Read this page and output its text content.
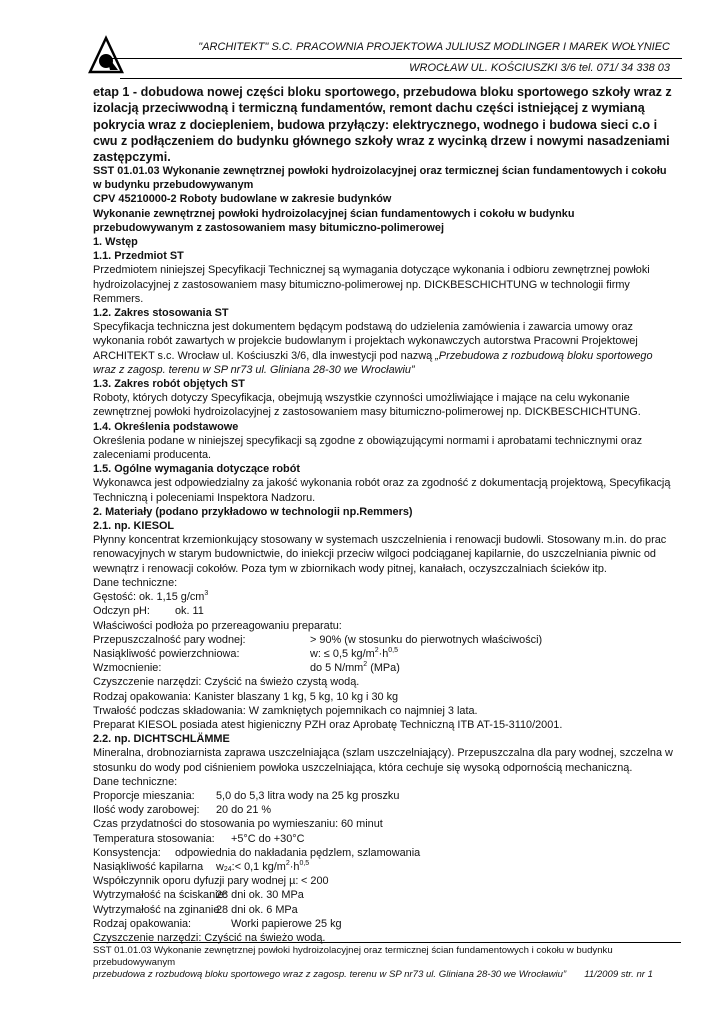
"ARCHITEKT" S.C. PRACOWNIA PROJEKTOWA JULIUSZ MODLINGER I MAREK WOŁYNIEC
WROCŁAW UL. KOŚCIUSZKI 3/6 tel. 071/ 34 338 03
etap 1 - dobudowa nowej części bloku sportowego, przebudowa bloku sportowego szkoły wraz z izolacją przeciwwodną i termiczną fundamentów, remont dachu części istniejącej z wymianą pokrycia wraz z dociepleniem, budowa przyłączy: elektrycznego, wodnego i budowa sieci c.o i cwu z podłączeniem do budynku głównego szkoły wraz z wycinką drzew i nowymi nasadzeniami zastępczymi.

SST 01.01.03 Wykonanie zewnętrznej powłoki hydroizolacyjnej oraz termicznej ścian fundamentowych i cokołu w budynku przebudowywanym

CPV 45210000-2 Roboty budowlane w zakresie budynków

Wykonanie zewnętrznej powłoki hydroizolacyjnej ścian fundamentowych i cokołu w budynku przebudowywanym z zastosowaniem masy bitumiczno-polimerowej

1. Wstęp

1.1. Przedmiot ST

Przedmiotem niniejszej Specyfikacji Technicznej są wymagania dotyczące wykonania i odbioru zewnętrznej powłoki hydroizolacyjnej z zastosowaniem masy bitumiczno-polimerowej np. DICKBESCHICHTUNG w technologii firmy Remmers.

1.2. Zakres stosowania ST

Specyfikacja techniczna jest dokumentem będącym podstawą do udzielenia zamówienia i zawarcia umowy oraz wykonania robót zawartych w projekcie budowlanym i projektach wykonawczych autorstwa Pracowni Projektowej ARCHITEKT s.c. Wrocław ul. Kościuszki 3/6, dla inwestycji pod nazwą „Przebudowa z rozbudową bloku sportowego wraz z zagosp. terenu w SP nr73 ul. Gliniana 28-30 we Wrocławiu”

1.3. Zakres robót objętych ST

Roboty, których dotyczy Specyfikacja, obejmują wszystkie czynności umożliwiające i mające na celu wykonanie zewnętrznej powłoki hydroizolacyjnej z zastosowaniem masy bitumiczno-polimerowej np. DICKBESCHICHTUNG.

1.4. Określenia podstawowe

Określenia podane w niniejszej specyfikacji są zgodne z obowiązującymi normami i aprobatami technicznymi oraz zaleceniami producenta.

1.5. Ogólne wymagania dotyczące robót

Wykonawca jest odpowiedzialny za jakość wykonania robót oraz za zgodność z dokumentacją projektową, Specyfikacją Techniczną i poleceniami Inspektora Nadzoru.

2. Materiały (podano przykładowo w technologii np.Remmers)

2.1. np. KIESOL

Płynny koncentrat krzemionkujący stosowany w systemach uszczelnienia i renowacji budowli. Stosowany m.in. do prac renowacyjnych w starym budownictwie, do iniekcji przeciw wilgoci podciąganej kapilarnie, do uszczelniania piwnic od wewnątrz i renowacji cokołów. Poza tym w zbiornikach wody pitnej, kanałach, oczyszczalniach ścieków itp.

Dane techniczne:

Gęstość: ok. 1,15 $g/cm^3$

Odczyn pH: ok. 11

Właściwości podłoża po przereagowaniu preparatu:

Przepuszczalność pary wodnej:	> 90% (w stosunku do pierwotnych właściwości)

Nasiąkliwość powierzchniowa:	w: ≤ 0,5 $kg/m^2\cdot h^{0,5}$

Wzmocnienie:	do 5 $N/mm^2$ (MPa)

Czyszczenie narzędzi: Czyścić na świeżo czystą wodą.

Rodzaj opakowania: Kanister blaszany 1 kg, 5 kg, 10 kg i 30 kg

Trwałość podczas składowania: W zamkniętych pojemnikach co najmniej 3 lata.

Preparat KIESOL posiada atest higieniczny PZH oraz Aprobatę Techniczną ITB AT-15-3110/2001.

2.2. np. DICHTSCHLÄMME

Mineralna, drobnoziarnista zaprawa uszczelniająca (szlam uszczelniający). Przepuszczalna dla pary wodnej, szczelna w stosunku do wody pod ciśnieniem powłoka uszczelniająca, która cechuje się wysoką odpornością mechaniczną.

Dane techniczne:

Proporcje mieszania: 5,0 do 5,3 litra wody na 25 kg proszku

Ilość wody zarobowej: 20 do 21 %

Czas przydatności do stosowania po wymieszaniu: 60 minut

Temperatura stosowania: +5°C do +30°C

Konsystencja: odpowiednia do nakładania pędzlem, szlamowania

Nasiąkliwość kapilarna w24:< 0,1 $kg/m^2\cdot h^{0,5}$

Współczynnik oporu dyfuzji pary wodnej µ: < 200

Wytrzymałość na ściskanie:28 dni ok. 30 MPa

Wytrzymałość na zginanie:28 dni ok. 6 MPa

Rodzaj opakowania:	Worki papierowe 25 kg

Czyszczenie narzędzi: Czyścić na świeżo wodą.

SST 01.01.03 Wykonanie zewnętrznej powłoki hydroizolacyjnej oraz termicznej ścian fundamentowych i cokołu w budynku przebudowywanym
przebudowa z rozbudową bloku sportowego wraz z zagosp. terenu w SP nr73 ul. Gliniana 28-30 we Wrocławiu” 11/2009 str. nr 1
